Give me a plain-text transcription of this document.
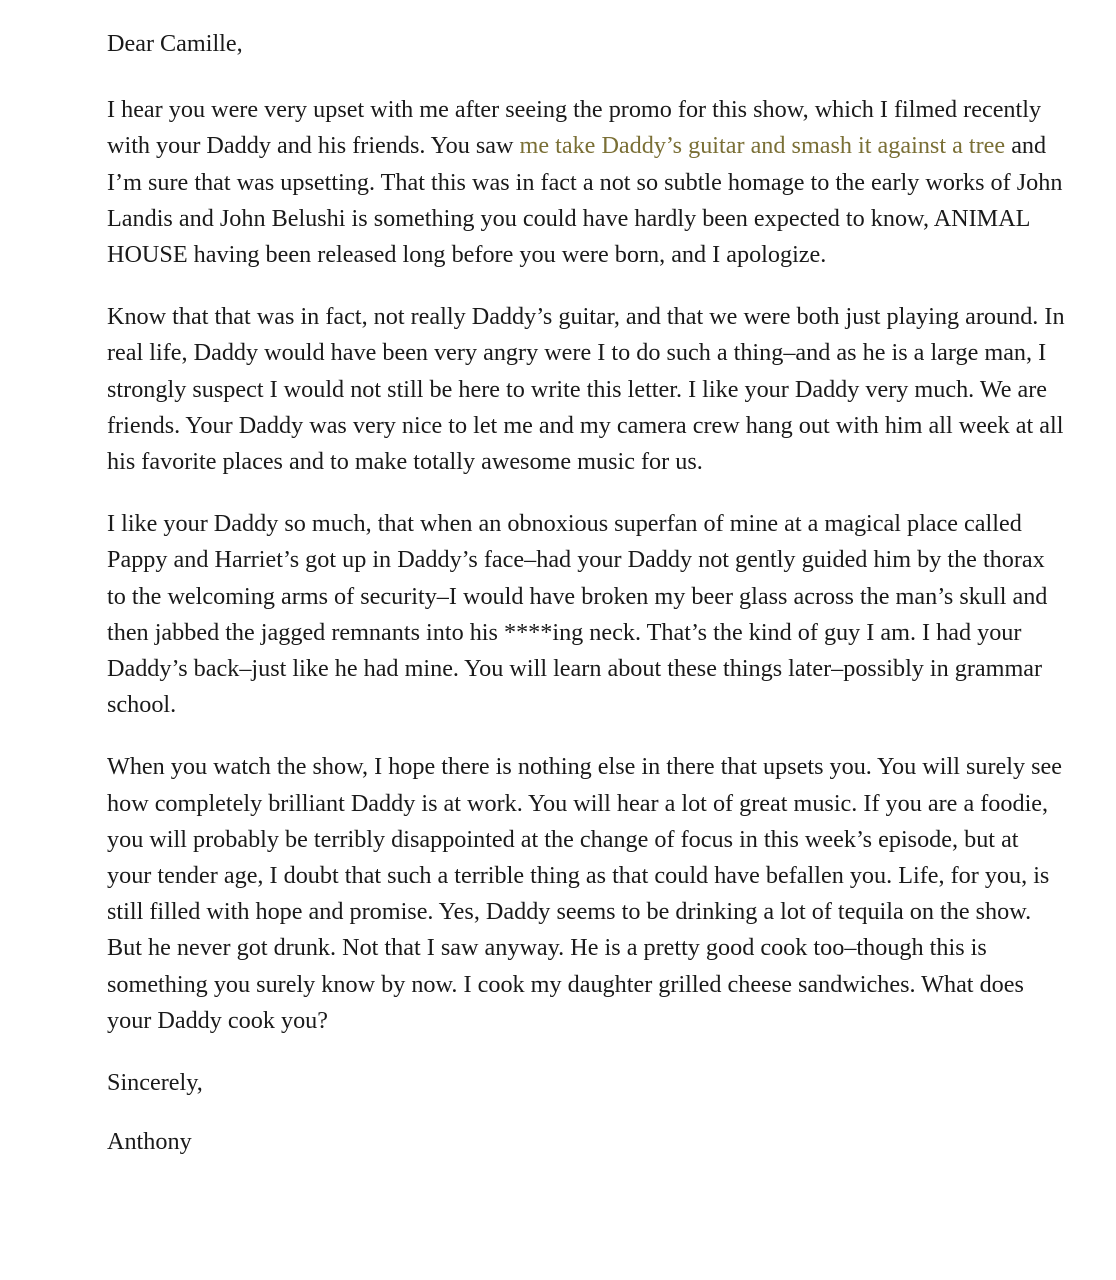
Dear Camille,

I hear you were very upset with me after seeing the promo for this show, which I filmed recently with your Daddy and his friends. You saw me take Daddy’s guitar and smash it against a tree and I’m sure that was upsetting. That this was in fact a not so subtle homage to the early works of John Landis and John Belushi is something you could have hardly been expected to know, ANIMAL HOUSE having been released long before you were born, and I apologize.

Know that that was in fact, not really Daddy’s guitar, and that we were both just playing around. In real life, Daddy would have been very angry were I to do such a thing–and as he is a large man, I strongly suspect I would not still be here to write this letter. I like your Daddy very much. We are friends. Your Daddy was very nice to let me and my camera crew hang out with him all week at all his favorite places and to make totally awesome music for us.

I like your Daddy so much, that when an obnoxious superfan of mine at a magical place called Pappy and Harriet’s got up in Daddy’s face–had your Daddy not gently guided him by the thorax to the welcoming arms of security–I would have broken my beer glass across the man’s skull and then jabbed the jagged remnants into his ****ing neck. That’s the kind of guy I am. I had your Daddy’s back–just like he had mine. You will learn about these things later–possibly in grammar school.

When you watch the show, I hope there is nothing else in there that upsets you. You will surely see how completely brilliant Daddy is at work. You will hear a lot of great music. If you are a foodie, you will probably be terribly disappointed at the change of focus in this week’s episode, but at your tender age, I doubt that such a terrible thing as that could have befallen you. Life, for you, is still filled with hope and promise. Yes, Daddy seems to be drinking a lot of tequila on the show. But he never got drunk. Not that I saw anyway. He is a pretty good cook too–though this is something you surely know by now. I cook my daughter grilled cheese sandwiches. What does your Daddy cook you?

Sincerely,

Anthony
